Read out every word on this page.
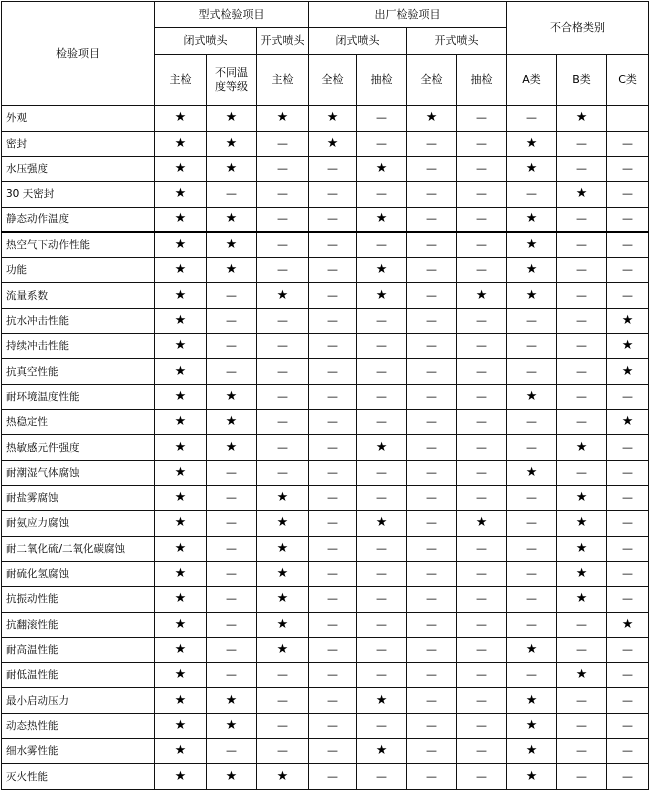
检验项目	型式检验项目			出厂检验项目				不合格类别		
	闭式喷头		开式喷头	闭式喷头		开式喷头				
	主检	不同温度等级	主检	全检	抽检	全检	抽检	A类	B类	C类
外观	★	★	★	★	—	★	—	—	★	
密封	★	★	—	★	—	—	—	★	—	—
水压强度	★	★	—	—	★	—	—	★	—	—
30 天密封	★	—	—	—	—	—	—	—	★	—
静态动作温度	★	★	—	—	★	—	—	★	—	—
热空气下动作性能	★	★	—	—	—	—	—	★	—	—
功能	★	★	—	—	★	—	—	★	—	—
流量系数	★	—	★	—	★	—	★	★	—	—
抗水冲击性能	★	—	—	—	—	—	—	—	—	★
持续冲击性能	★	—	—	—	—	—	—	—	—	★
抗真空性能	★	—	—	—	—	—	—	—	—	★
耐环境温度性能	★	★	—	—	—	—	—	★	—	—
热稳定性	★	★	—	—	—	—	—	—	—	★
热敏感元件强度	★	★	—	—	★	—	—	—	★	—
耐潮湿气体腐蚀	★	—	—	—	—	—	—	★	—	—
耐盐雾腐蚀	★	—	★	—	—	—	—	—	★	—
耐氨应力腐蚀	★	—	★	—	★	—	★	—	★	—
耐二氧化硫/二氧化碳腐蚀	★	—	★	—	—	—	—	—	★	—
耐硫化氢腐蚀	★	—	★	—	—	—	—	—	★	—
抗振动性能	★	—	★	—	—	—	—	—	★	—
抗翻滚性能	★	—	★	—	—	—	—	—	—	★
耐高温性能	★	—	★	—	—	—	—	★	—	—
耐低温性能	★	—	—	—	—	—	—	—	★	—
最小启动压力	★	★	—	—	★	—	—	★	—	—
动态热性能	★	★	—	—	—	—	—	★	—	—
细水雾性能	★	—	—	—	★	—	—	★	—	—
灭火性能	★	★	★	—	—	—	—	★	—	—
